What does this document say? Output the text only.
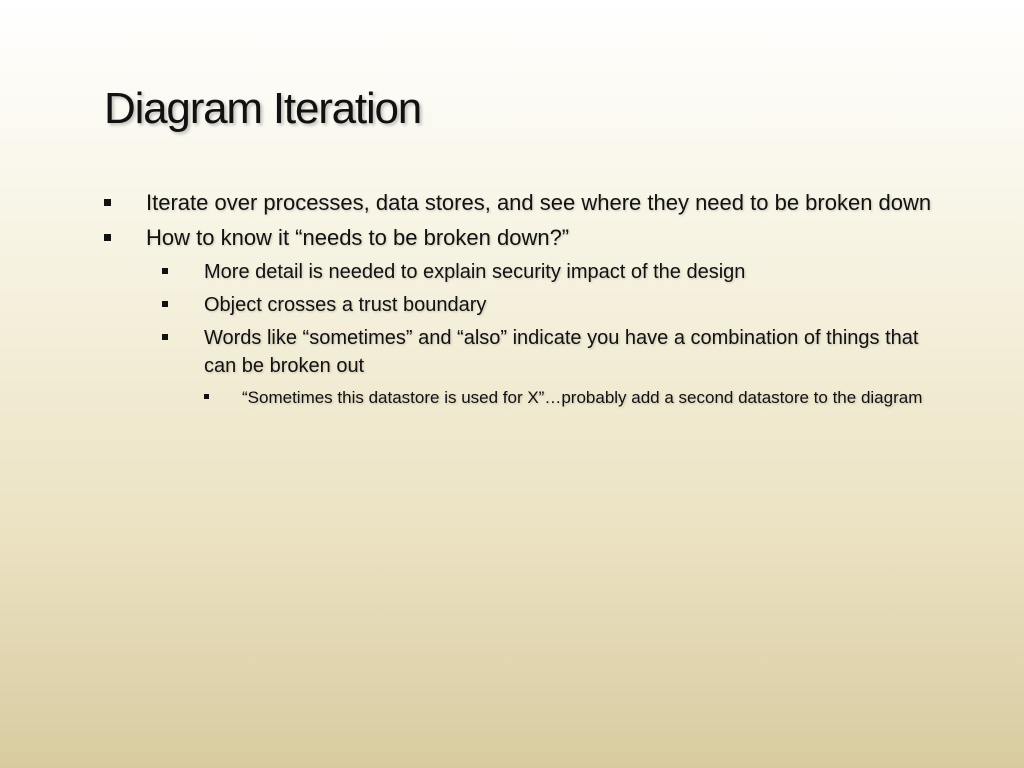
Diagram Iteration
Iterate over processes, data stores, and see where they need to be broken down
How to know it “needs to be broken down?”
More detail is needed to explain security impact of the design
Object crosses a trust boundary
Words like “sometimes” and “also” indicate you have a combination of things that can be broken out
“Sometimes this datastore is used for X”…probably add a second datastore to the diagram
